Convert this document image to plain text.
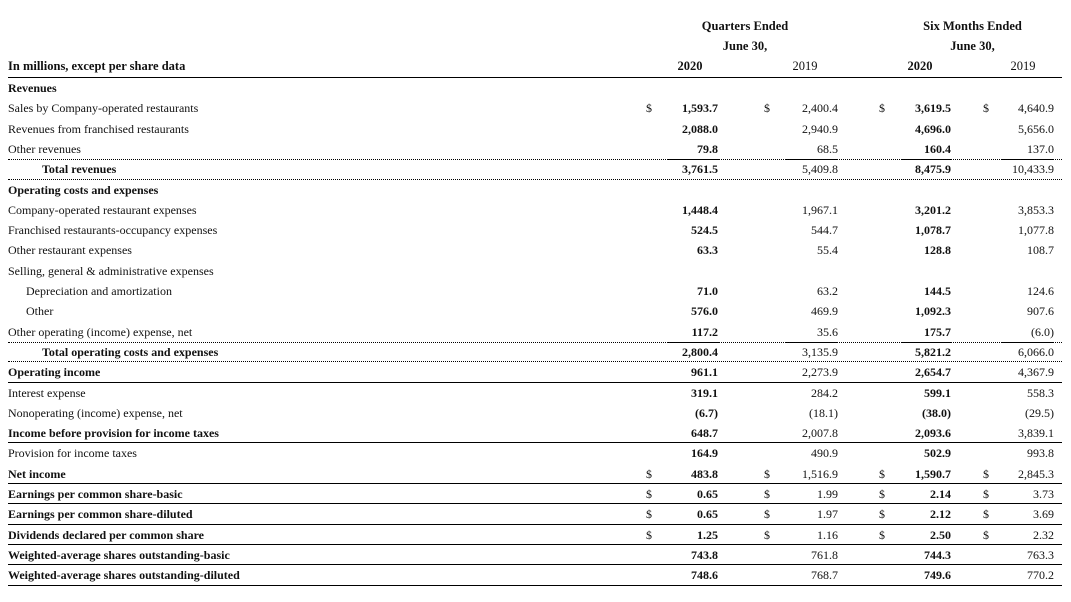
Quarters Ended
June 30,
Six Months Ended
June 30,
In millions, except per share data	2020	2019	2020	2019
Revenues
Sales by Company-operated restaurants	$	1,593.7	$	2,400.4	$	3,619.5	$ 4,640.9
Revenues from franchised restaurants	2,088.0	2,940.9	4,696.0	5,656.0
Other revenues	79.8	68.5	160.4	137.0
Total revenues	3,761.5	5,409.8	8,475.9	10,433.9
Operating costs and expenses
Company-operated restaurant expenses	1,448.4	1,967.1	3,201.2	3,853.3
Franchised restaurants-occupancy expenses	524.5	544.7	1,078.7	1,077.8
Other restaurant expenses	63.3	55.4	128.8	108.7
Selling, general & administrative expenses
Depreciation and amortization	71.0	63.2	144.5	124.6
Other	576.0	469.9	1,092.3	907.6
Other operating (income) expense, net	117.2	35.6	175.7	(6.0)
Total operating costs and expenses	2,800.4	3,135.9	5,821.2	6,066.0
Operating income	961.1	2,273.9	2,654.7	4,367.9
Interest expense	319.1	284.2	599.1	558.3
Nonoperating (income) expense, net	(6.7)	(18.1)	(38.0)	(29.5)
Income before provision for income taxes	648.7	2,007.8	2,093.6	3,839.1
Provision for income taxes	164.9	490.9	502.9	993.8
Net income	$	483.8	$	1,516.9	$	1,590.7	$ 2,845.3
Earnings per common share-basic	$	0.65	$	1.99	$	2.14	$	3.73
Earnings per common share-diluted	$	0.65	$	1.97	$	2.12	$	3.69
Dividends declared per common share	$	1.25	$	1.16	$	2.50	$	2.32
Weighted-average shares outstanding-basic	743.8	761.8	744.3	763.3
Weighted-average shares outstanding-diluted	748.6	768.7	749.6	770.2
